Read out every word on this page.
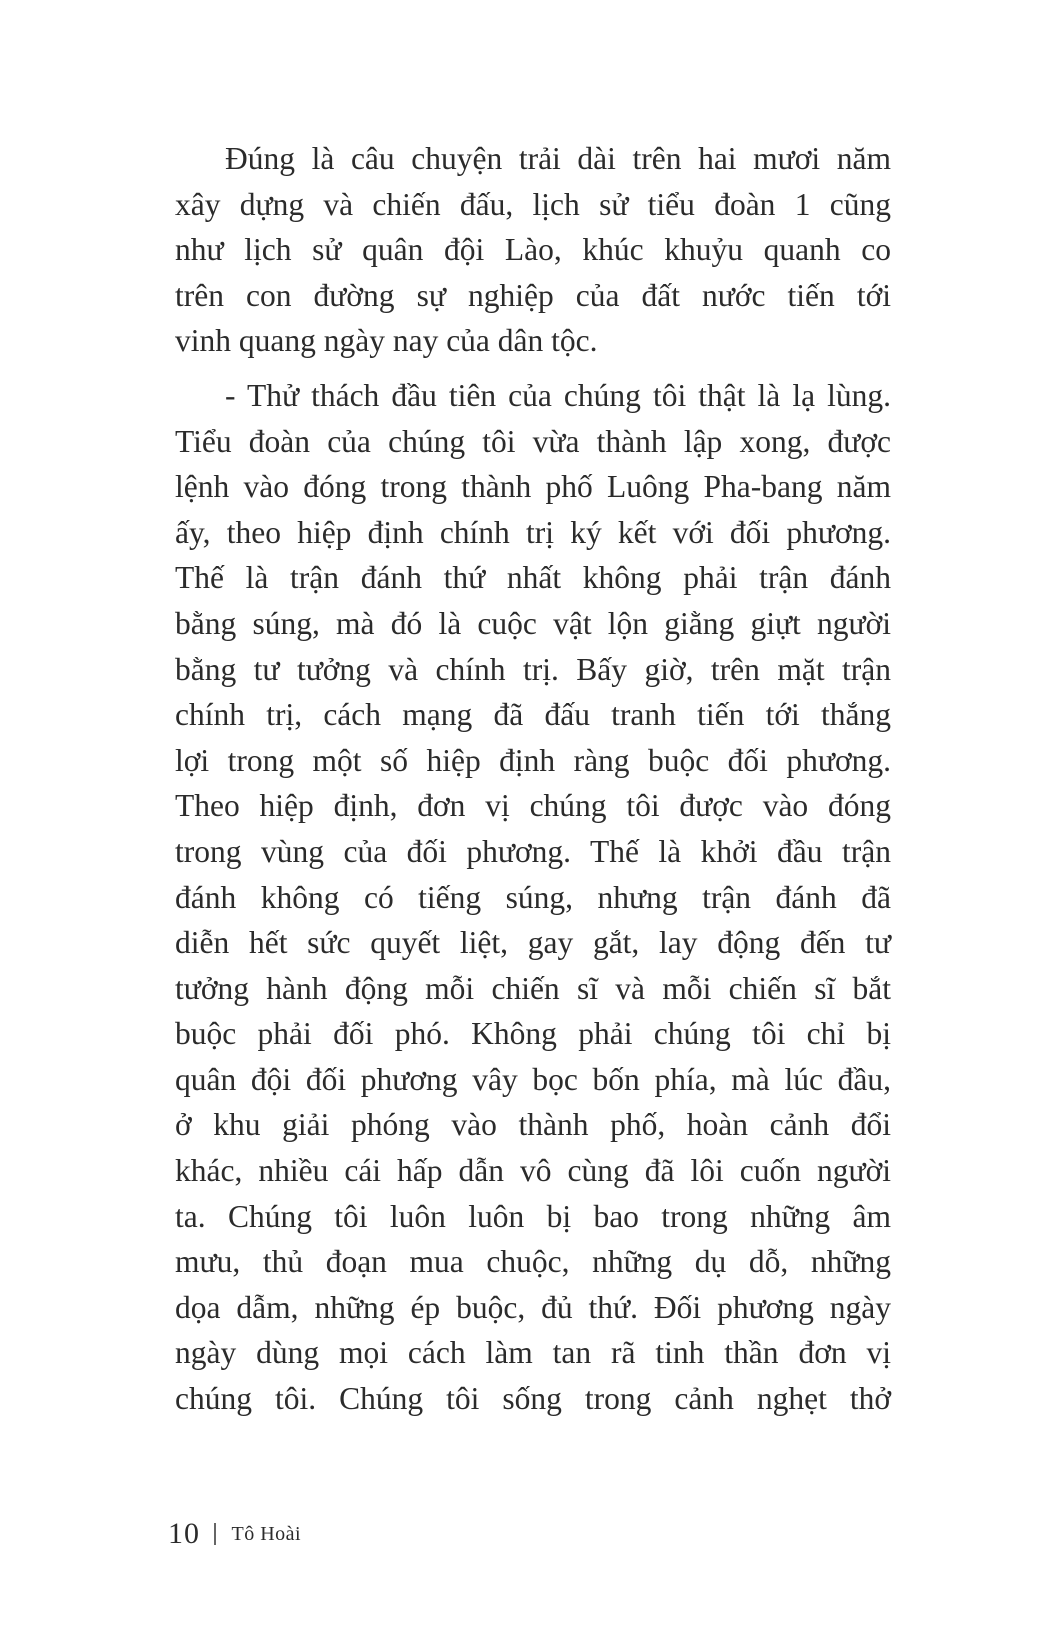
Đúng là câu chuyện trải dài trên hai mươi năm
xây dựng và chiến đấu, lịch sử tiểu đoàn 1 cũng
như lịch sử quân đội Lào, khúc khuỷu quanh co
trên con đường sự nghiệp của đất nước tiến tới
vinh quang ngày nay của dân tộc.

- Thử thách đầu tiên của chúng tôi thật là lạ lùng.
Tiểu đoàn của chúng tôi vừa thành lập xong, được
lệnh vào đóng trong thành phố Luông Pha-bang năm
ấy, theo hiệp định chính trị ký kết với đối phương.
Thế là trận đánh thứ nhất không phải trận đánh
bằng súng, mà đó là cuộc vật lộn giằng giựt người
bằng tư tưởng và chính trị. Bấy giờ, trên mặt trận
chính trị, cách mạng đã đấu tranh tiến tới thắng
lợi trong một số hiệp định ràng buộc đối phương.
Theo hiệp định, đơn vị chúng tôi được vào đóng
trong vùng của đối phương. Thế là khởi đầu trận
đánh không có tiếng súng, nhưng trận đánh đã
diễn hết sức quyết liệt, gay gắt, lay động đến tư
tưởng hành động mỗi chiến sĩ và mỗi chiến sĩ bắt
buộc phải đối phó. Không phải chúng tôi chỉ bị
quân đội đối phương vây bọc bốn phía, mà lúc đầu,
ở khu giải phóng vào thành phố, hoàn cảnh đổi
khác, nhiều cái hấp dẫn vô cùng đã lôi cuốn người
ta. Chúng tôi luôn luôn bị bao trong những âm
mưu, thủ đoạn mua chuộc, những dụ dỗ, những
dọa dẫm, những ép buộc, đủ thứ. Đối phương ngày
ngày dùng mọi cách làm tan rã tinh thần đơn vị
chúng tôi. Chúng tôi sống trong cảnh nghẹt thở

10 Tô Hoài
